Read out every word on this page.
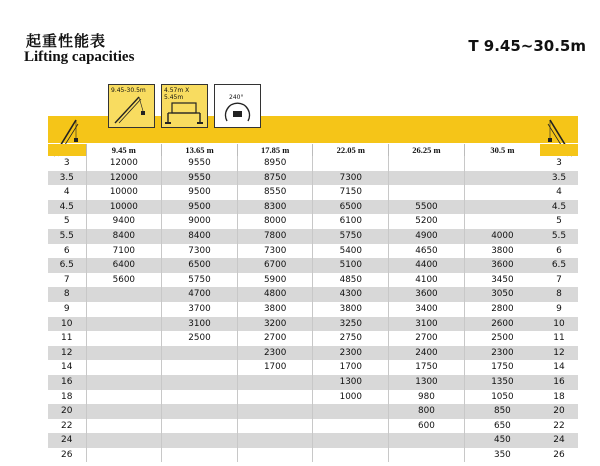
起重性能表
Lifting capacities
T 9.45~30.5m
9.45-30.5m	4.57m X 5.45m	240°
	9.45 m	13.65 m	17.85 m	22.05 m	26.25 m	30.5 m	
3	12000	9550	8950				3
3.5	12000	9550	8750	7300			3.5
4	10000	9500	8550	7150			4
4.5	10000	9500	8300	6500	5500		4.5
5	9400	9000	8000	6100	5200		5
5.5	8400	8400	7800	5750	4900	4000	5.5
6	7100	7300	7300	5400	4650	3800	6
6.5	6400	6500	6700	5100	4400	3600	6.5
7	5600	5750	5900	4850	4100	3450	7
8		4700	4800	4300	3600	3050	8
9		3700	3800	3800	3400	2800	9
10		3100	3200	3250	3100	2600	10
11		2500	2700	2750	2700	2500	11
12			2300	2300	2400	2300	12
14			1700	1700	1750	1750	14
16				1300	1300	1350	16
18				1000	980	1050	18
20					800	850	20
22					600	650	22
24						450	24
26						350	26
